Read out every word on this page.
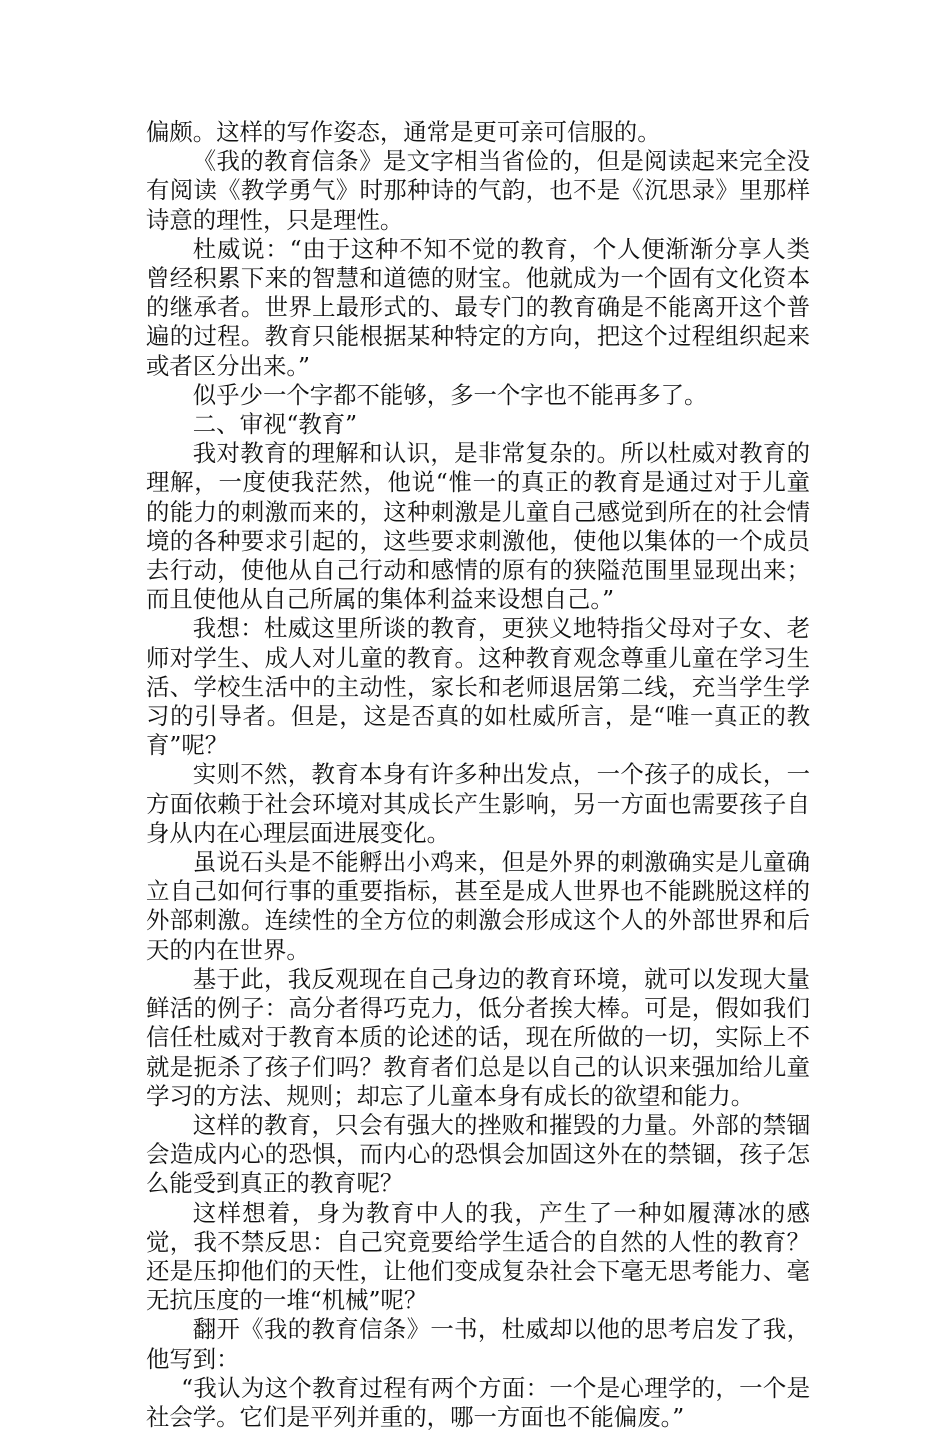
偏颇。这样的写作姿态，通常是更可亲可信服的。

《我的教育信条》是文字相当省俭的，但是阅读起来完全没有阅读《教学勇气》时那种诗的气韵，也不是《沉思录》里那样诗意的理性，只是理性。

杜威说：“由于这种不知不觉的教育，个人便渐渐分享人类曾经积累下来的智慧和道德的财宝。他就成为一个固有文化资本的继承者。世界上最形式的、最专门的教育确是不能离开这个普遍的过程。教育只能根据某种特定的方向，把这个过程组织起来或者区分出来。”

似乎少一个字都不能够，多一个字也不能再多了。

二、审视“教育”

我对教育的理解和认识，是非常复杂的。所以杜威对教育的理解，一度使我茫然，他说“惟一的真正的教育是通过对于儿童的能力的刺激而来的，这种刺激是儿童自己感觉到所在的社会情境的各种要求引起的，这些要求刺激他，使他以集体的一个成员去行动，使他从自己行动和感情的原有的狭隘范围里显现出来；而且使他从自己所属的集体利益来设想自己。”

我想：杜威这里所谈的教育，更狭义地特指父母对子女、老师对学生、成人对儿童的教育。这种教育观念尊重儿童在学习生活、学校生活中的主动性，家长和老师退居第二线，充当学生学习的引导者。但是，这是否真的如杜威所言，是“唯一真正的教育”呢？

实则不然，教育本身有许多种出发点，一个孩子的成长，一方面依赖于社会环境对其成长产生影响，另一方面也需要孩子自身从内在心理层面进展变化。

虽说石头是不能孵出小鸡来，但是外界的刺激确实是儿童确立自己如何行事的重要指标，甚至是成人世界也不能跳脱这样的外部刺激。连续性的全方位的刺激会形成这个人的外部世界和后天的内在世界。

基于此，我反观现在自己身边的教育环境，就可以发现大量鲜活的例子：高分者得巧克力，低分者挨大棒。可是，假如我们信任杜威对于教育本质的论述的话，现在所做的一切，实际上不就是扼杀了孩子们吗？教育者们总是以自己的认识来强加给儿童学习的方法、规则；却忘了儿童本身有成长的欲望和能力。

这样的教育，只会有强大的挫败和摧毁的力量。外部的禁锢会造成内心的恐惧，而内心的恐惧会加固这外在的禁锢，孩子怎么能受到真正的教育呢？

这样想着，身为教育中人的我，产生了一种如履薄冰的感觉，我不禁反思：自己究竟要给学生适合的自然的人性的教育？还是压抑他们的天性，让他们变成复杂社会下毫无思考能力、毫无抗压度的一堆“机械”呢？

翻开《我的教育信条》一书，杜威却以他的思考启发了我，他写到：

“我认为这个教育过程有两个方面：一个是心理学的，一个是社会学。它们是平列并重的，哪一方面也不能偏废。”
